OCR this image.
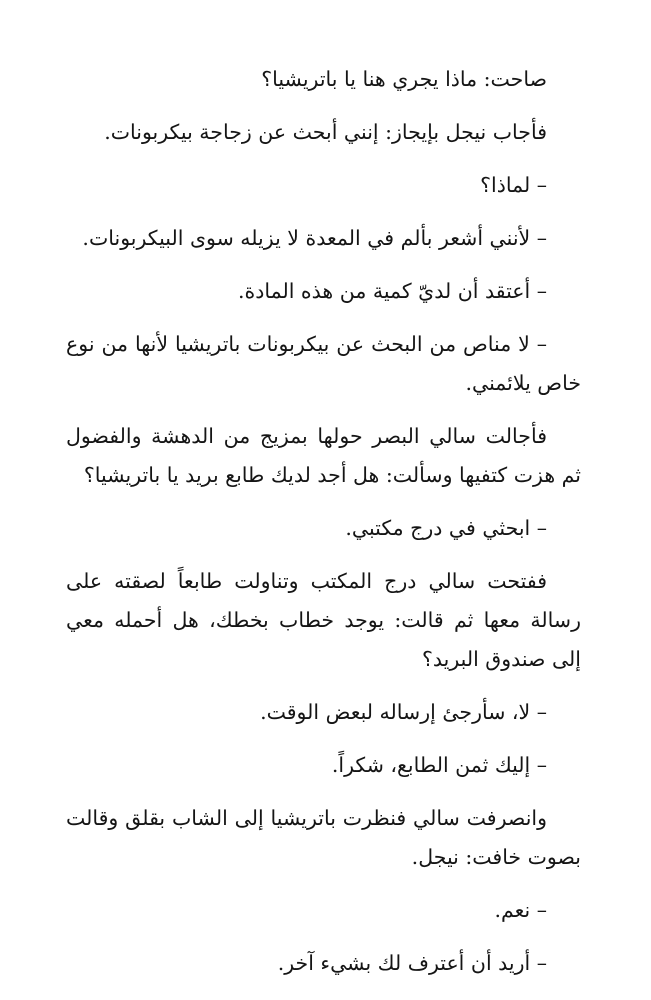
صاحت: ماذا يجري هنا يا باتريشيا؟

فأجاب نيجل بإيجاز: إنني أبحث عن زجاجة بيكربونات.

– لماذا؟

– لأنني أشعر بألم في المعدة لا يزيله سوى البيكربونات.

– أعتقد أن لديّ كمية من هذه المادة.

– لا مناص من البحث عن بيكربونات باتريشيا لأنها من نوع خاص يلائمني.

فأجالت سالي البصر حولها بمزيج من الدهشة والفضول ثم هزت كتفيها وسألت: هل أجد لديك طابع بريد يا باتريشيا؟

– ابحثي في درج مكتبي.

ففتحت سالي درج المكتب وتناولت طابعاً لصقته على رسالة معها ثم قالت: يوجد خطاب بخطك، هل أحمله معي إلى صندوق البريد؟

– لا، سأرجئ إرساله لبعض الوقت.

– إليك ثمن الطابع، شكراً.

وانصرفت سالي فنظرت باتريشيا إلى الشاب بقلق وقالت بصوت خافت: نيجل.

– نعم.

– أريد أن أعترف لك بشيء آخر.
